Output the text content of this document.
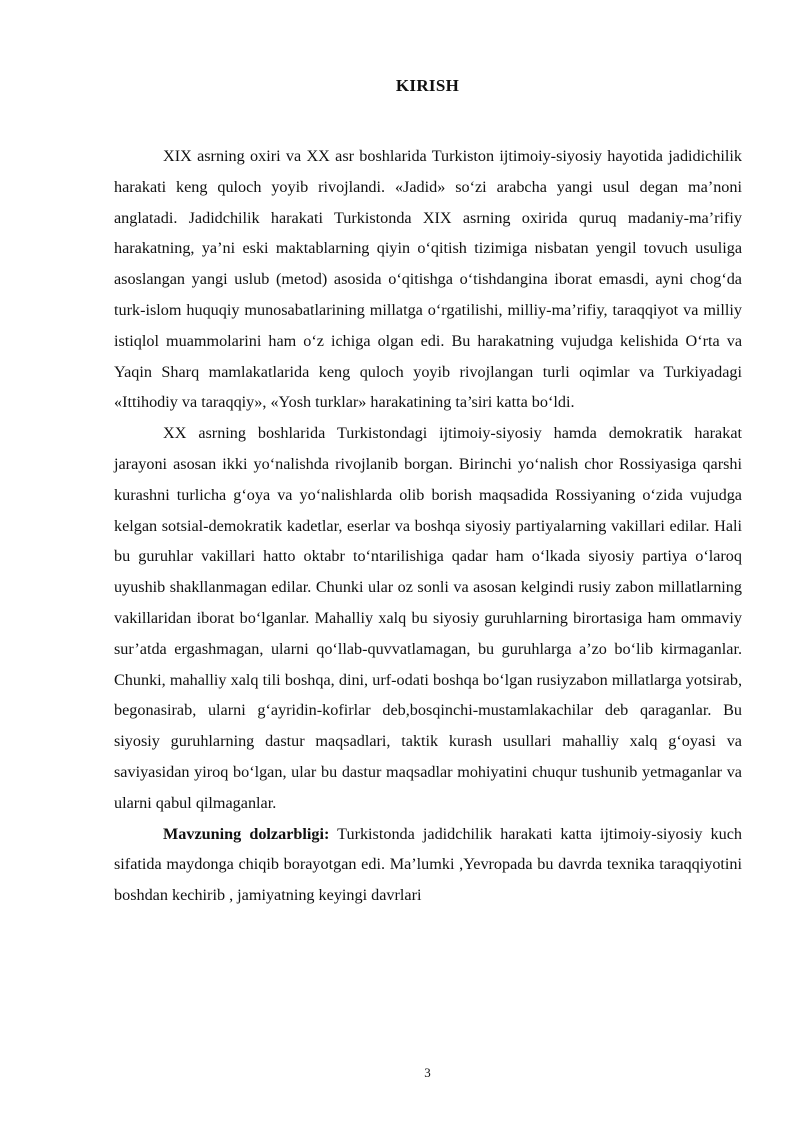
KIRISH

XIX asrning oxiri va XX asr boshlarida Turkiston ijtimoiy-siyosiy hayotida jadidichilik harakati keng quloch yoyib rivojlandi. «Jadid» so‘zi arabcha yangi usul degan ma’noni anglatadi. Jadidchilik harakati Turkistonda XIX asrning oxirida quruq madaniy-ma’rifiy harakatning, ya’ni eski maktablarning qiyin o‘qitish tizimiga nisbatan yengil tovuch usuliga asoslangan yangi uslub (metod) asosida o‘qitishga o‘tishdangina iborat emasdi, ayni chog‘da turk-islom huquqiy munosabatlarining millatga o‘rgatilishi, milliy-ma’rifiy, taraqqiyot va milliy istiqlol muammolarini ham o‘z ichiga olgan edi. Bu harakatning vujudga kelishida O‘rta va Yaqin Sharq mamlakatlarida keng quloch yoyib rivojlangan turli oqimlar va Turkiyadagi «Ittihodiy va taraqqiy», «Yosh turklar» harakatining ta’siri katta bo‘ldi.

XX asrning boshlarida Turkistondagi ijtimoiy-siyosiy hamda demokratik harakat jarayoni asosan ikki yo‘nalishda rivojlanib borgan. Birinchi yo‘nalish chor Rossiyasiga qarshi kurashni turlicha g‘oya va yo‘nalishlarda olib borish maqsadida Rossiyaning o‘zida vujudga kelgan sotsial-demokratik kadetlar, eserlar va boshqa siyosiy partiyalarning vakillari edilar. Hali bu guruhlar vakillari hatto oktabr to‘ntarilishiga qadar ham o‘lkada siyosiy partiya o‘laroq uyushib shakllanmagan edilar. Chunki ular oz sonli va asosan kelgindi rusiy zabon millatlarning vakillaridan iborat bo‘lganlar. Mahalliy xalq bu siyosiy guruhlarning birortasiga ham ommaviy sur’atda ergashmagan, ularni qo‘llab-quvvatlamagan, bu guruhlarga a’zo bo‘lib kirmaganlar. Chunki, mahalliy xalq tili boshqa, dini, urf-odati boshqa bo‘lgan rusiyzabon millatlarga yotsirab, begonasirab, ularni g‘ayridin-kofirlar deb,bosqinchi-mustamlakachilar deb qaraganlar. Bu siyosiy guruhlarning dastur maqsadlari, taktik kurash usullari mahalliy xalq g‘oyasi va saviyasidan yiroq bo‘lgan, ular bu dastur maqsadlar mohiyatini chuqur tushunib yetmaganlar va ularni qabul qilmaganlar.

Mavzuning dolzarbligi: Turkistonda jadidchilik harakati katta ijtimoiy-siyosiy kuch sifatida maydonga chiqib borayotgan edi. Ma’lumki ,Yevropada bu davrda texnika taraqqiyotini boshdan kechirib , jamiyatning keyingi davrlari

3
